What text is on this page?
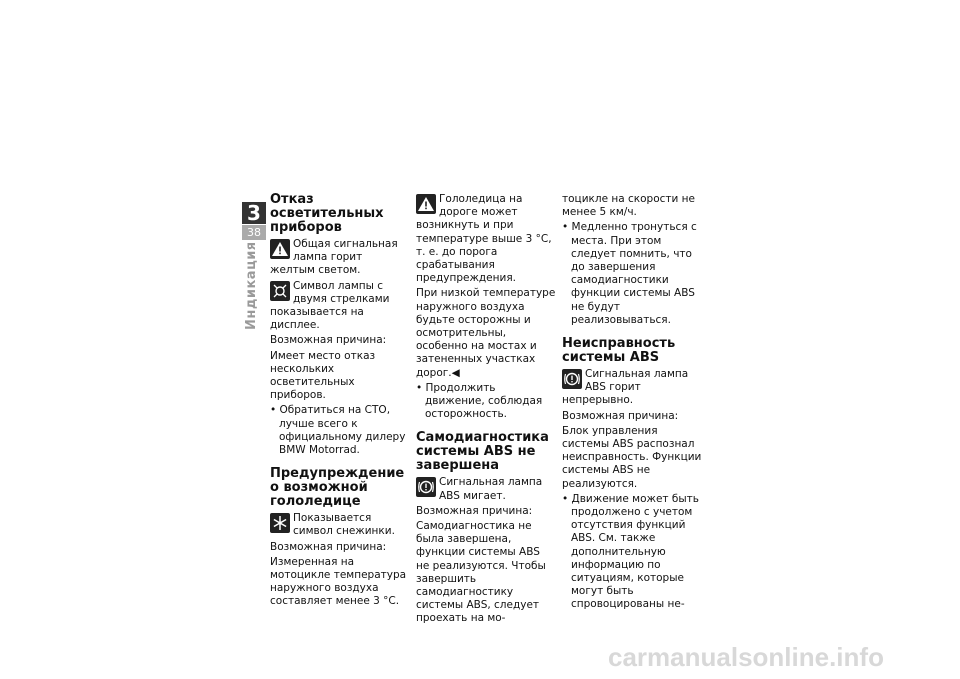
3
38
Индикация
Отказ осветительных приборов
Общая сигнальная лампа горит желтым светом.
Символ лампы с двумя стрелками показывается на дисплее.

Возможная причина:

Имеет место отказ нескольких осветительных приборов.

• Обратиться на СТО, лучше всего к официальному дилеру BMW Motorrad.

Предупреждение о возможной гололедице
Показывается символ снежинки.

Возможная причина:

Измеренная на мотоцикле температура наружного воздуха составляет менее 3 °C.

Гололедица на дороге может возникнуть и при температуре выше 3 °C, т. е. до порога срабатывания предупреждения.

При низкой температуре наружного воздуха будьте осторожны и осмотрительны, особенно на мостах и затененных участках дорог.◀

• Продолжить движение, соблюдая осторожность.

Самодиагностика системы ABS не завершена
Сигнальная лампа ABS мигает.

Возможная причина:

Самодиагностика не была завершена, функции системы ABS не реализуются. Чтобы завершить самодиагностику системы ABS, следует проехать на мо-

тоцикле на скорости не менее 5 км/ч.

• Медленно тронуться с места. При этом следует помнить, что до завершения самодиагностики функции системы ABS не будут реализовываться.

Неисправность системы ABS
Сигнальная лампа ABS горит непрерывно.

Возможная причина:

Блок управления системы ABS распознал неисправность. Функции системы ABS не реализуются.

• Движение может быть продолжено с учетом отсутствия функций ABS. См. также дополнительную информацию по ситуациям, которые могут быть спровоцированы не-

carmanualsonline.info
